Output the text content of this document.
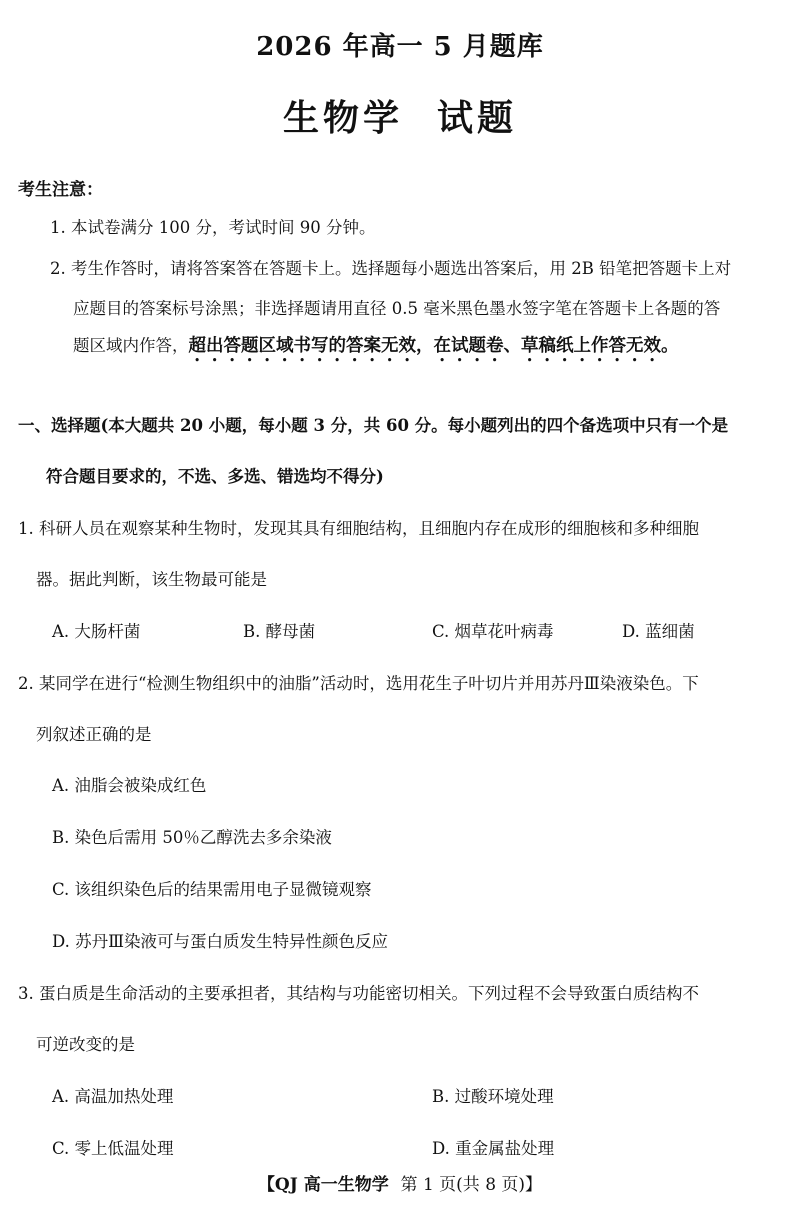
2026 年高一 5 月题库
生物学 试题
考生注意：
1. 本试卷满分 100 分，考试时间 90 分钟。
2. 考生作答时，请将答案答在答题卡上。选择题每小题选出答案后，用 2B 铅笔把答题卡上对
应题目的答案标号涂黑；非选择题请用直径 0.5 毫米黑色墨水签字笔在答题卡上各题的答
题区域内作答，超出答题区域书写的答案无效，在试题卷、草稿纸上作答无效。
一、选择题(本大题共 20 小题，每小题 3 分，共 60 分。每小题列出的四个备选项中只有一个是
符合题目要求的，不选、多选、错选均不得分)
1. 科研人员在观察某种生物时，发现其具有细胞结构，且细胞内存在成形的细胞核和多种细胞
器。据此判断，该生物最可能是
A. 大肠杆菌	B. 酵母菌	C. 烟草花叶病毒	D. 蓝细菌
2. 某同学在进行“检测生物组织中的油脂”活动时，选用花生子叶切片并用苏丹Ⅲ染液染色。下
列叙述正确的是
A. 油脂会被染成红色
B. 染色后需用 50％乙醇洗去多余染液
C. 该组织染色后的结果需用电子显微镜观察
D. 苏丹Ⅲ染液可与蛋白质发生特异性颜色反应
3. 蛋白质是生命活动的主要承担者，其结构与功能密切相关。下列过程不会导致蛋白质结构不
可逆改变的是
A. 高温加热处理	B. 过酸环境处理
C. 零上低温处理	D. 重金属盐处理
【QJ 高一生物学 第 1 页(共 8 页)】
